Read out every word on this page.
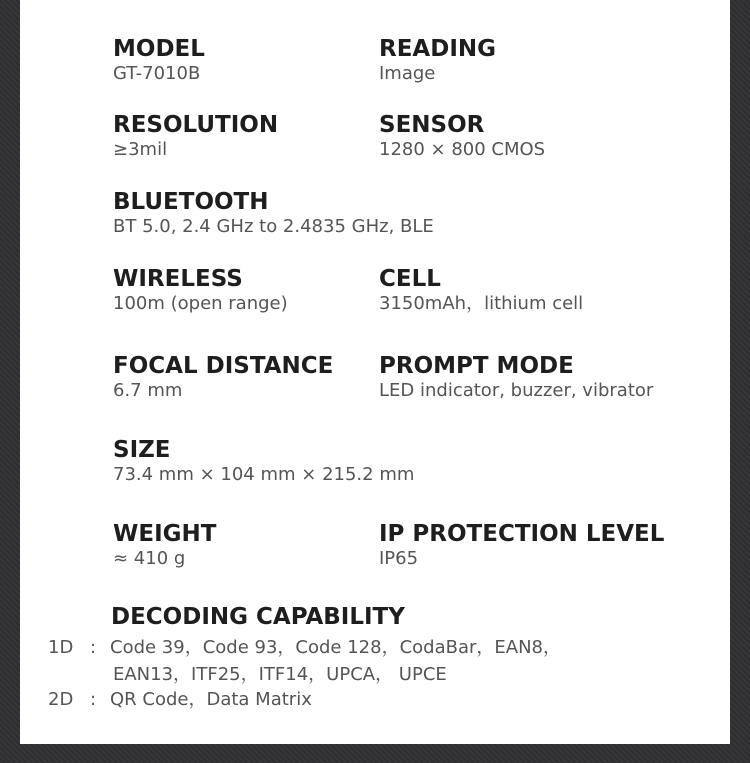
MODEL
GT-7010B
READING
Image
RESOLUTION
≥3mil
SENSOR
1280 × 800 CMOS
BLUETOOTH
BT 5.0, 2.4 GHz to 2.4835 GHz, BLE
WIRELESS
100m (open range)
CELL
3150mAh，lithium cell
FOCAL DISTANCE
6.7 mm
PROMPT MODE
LED indicator, buzzer, vibrator
SIZE
73.4 mm × 104 mm × 215.2 mm
WEIGHT
≈ 410 g
IP PROTECTION LEVEL
IP65
DECODING CAPABILITY
1D : Code 39，Code 93，Code 128，CodaBar，EAN8，
EAN13，ITF25，ITF14，UPCA， UPCE
2D : QR Code，Data Matrix
